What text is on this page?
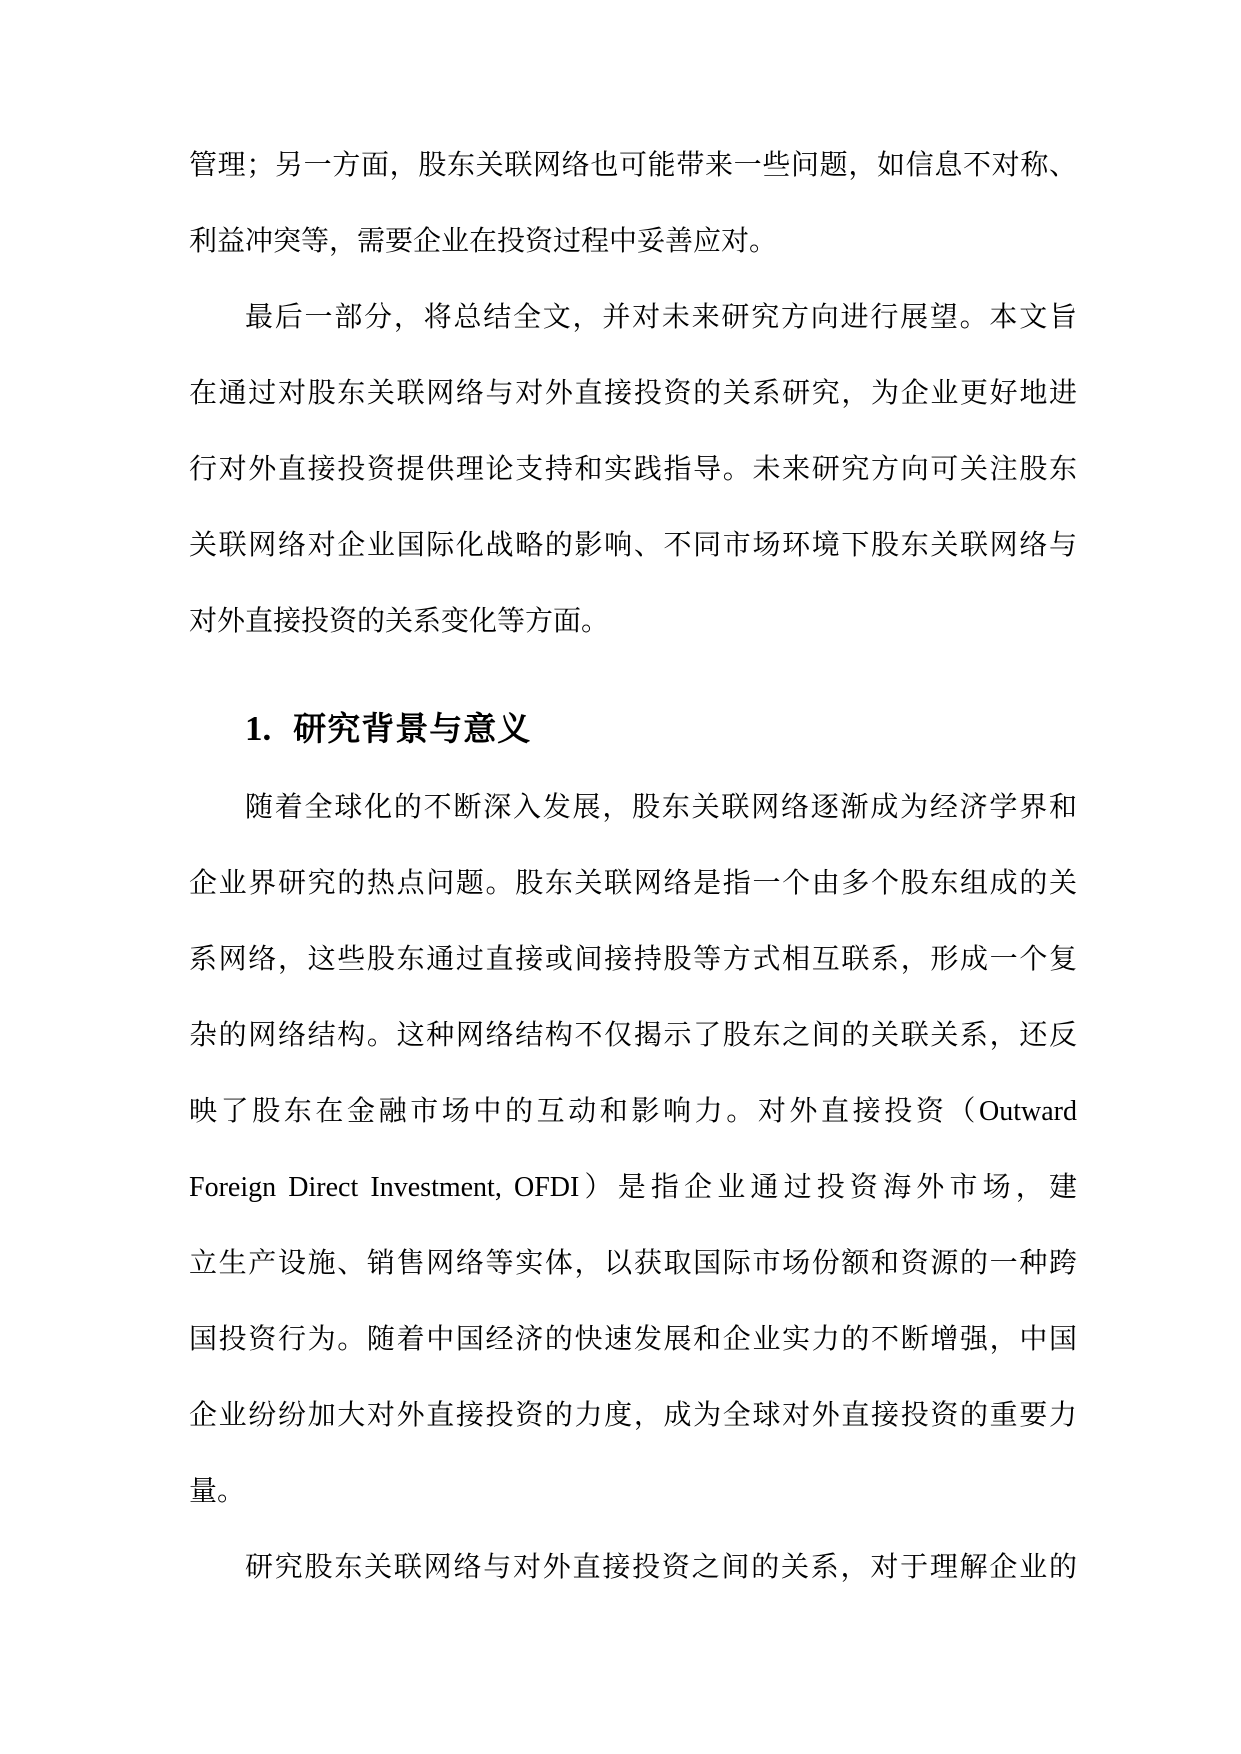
管理；另一方面，股东关联网络也可能带来一些问题，如信息不对称、
利益冲突等，需要企业在投资过程中妥善应对。
最后一部分，将总结全文，并对未来研究方向进行展望。本文旨
在通过对股东关联网络与对外直接投资的关系研究，为企业更好地进
行对外直接投资提供理论支持和实践指导。未来研究方向可关注股东
关联网络对企业国际化战略的影响、不同市场环境下股东关联网络与
对外直接投资的关系变化等方面。
1. 研究背景与意义
随着全球化的不断深入发展，股东关联网络逐渐成为经济学界和
企业界研究的热点问题。股东关联网络是指一个由多个股东组成的关
系网络，这些股东通过直接或间接持股等方式相互联系，形成一个复
杂的网络结构。这种网络结构不仅揭示了股东之间的关联关系，还反
映了股东在金融市场中的互动和影响力。对外直接投资（Outward
Foreign Direct Investment, OFDI）是指企业通过投资海外市场，建
立生产设施、销售网络等实体，以获取国际市场份额和资源的一种跨
国投资行为。随着中国经济的快速发展和企业实力的不断增强，中国
企业纷纷加大对外直接投资的力度，成为全球对外直接投资的重要力
量。
研究股东关联网络与对外直接投资之间的关系，对于理解企业的
